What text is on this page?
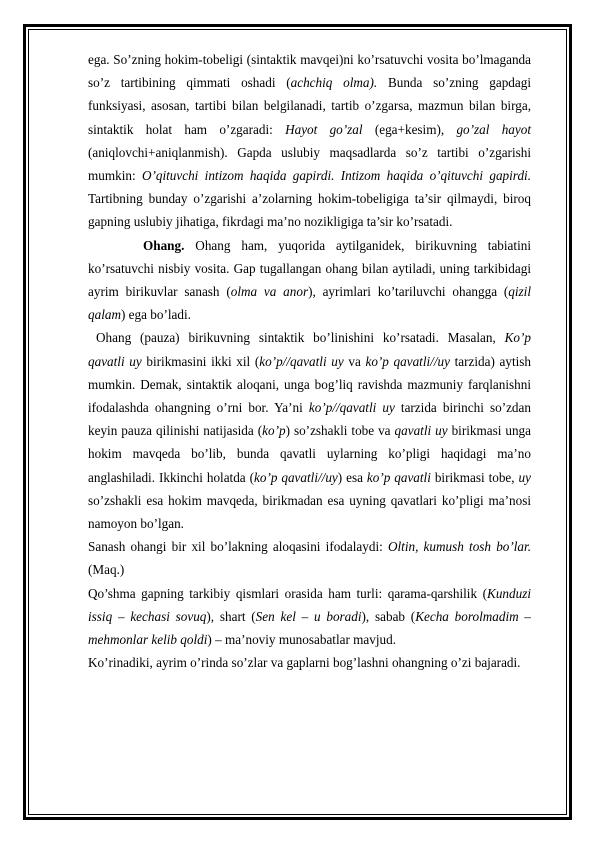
ega. So’zning hokim-tobeligi (sintaktik mavqei)ni ko’rsatuvchi vosita bo’lmaganda so’z tartibining qimmati oshadi (achchiq olma). Bunda so’zning gapdagi funksiyasi, asosan, tartibi bilan belgilanadi, tartib o’zgarsa, mazmun bilan birga, sintaktik holat ham o’zgaradi: Hayot go’zal (ega+kesim), go’zal hayot (aniqlovchi+aniqlanmish). Gapda uslubiy maqsadlarda so’z tartibi o’zgarishi mumkin: O’qituvchi intizom haqida gapirdi. Intizom haqida o’qituvchi gapirdi. Tartibning bunday o’zgarishi a’zolarning hokim-tobeligiga ta’sir qilmaydi, biroq gapning uslubiy jihatiga, fikrdagi ma’no nozikligiga ta’sir ko’rsatadi.

Ohang. Ohang ham, yuqorida aytilganidek, birikuvning tabiatini ko’rsatuvchi nisbiy vosita. Gap tugallangan ohang bilan aytiladi, uning tarkibidagi ayrim birikuvlar sanash (olma va anor), ayrimlari ko’tariluvchi ohangga (qizil qalam) ega bo’ladi.

Ohang (pauza) birikuvning sintaktik bo’linishini ko’rsatadi. Masalan, Ko’p qavatli uy birikmasini ikki xil (ko’p//qavatli uy va ko’p qavatli//uy tarzida) aytish mumkin. Demak, sintaktik aloqani, unga bog’liq ravishda mazmuniy farqlanishni ifodalashda ohangning o’rni bor. Ya’ni ko’p//qavatli uy tarzida birinchi so’zdan keyin pauza qilinishi natijasida (ko’p) so’zshakli tobe va qavatli uy birikmasi unga hokim mavqeda bo’lib, bunda qavatli uylarning ko’pligi haqidagi ma’no anglashiladi. Ikkinchi holatda (ko’p qavatli//uy) esa ko’p qavatli birikmasi tobe, uy so’zshakli esa hokim mavqeda, birikmadan esa uyning qavatlari ko’pligi ma’nosi namoyon bo’lgan.

Sanash ohangi bir xil bo’lakning aloqasini ifodalaydi: Oltin, kumush tosh bo’lar. (Maq.)

Qo’shma gapning tarkibiy qismlari orasida ham turli: qarama-qarshilik (Kunduzi issiq – kechasi sovuq), shart (Sen kel – u boradi), sabab (Kecha borolmadim – mehmonlar kelib qoldi) – ma’noviy munosabatlar mavjud.

Ko’rinadiki, ayrim o’rinda so’zlar va gaplarni bog’lashni ohangning o’zi bajaradi.
